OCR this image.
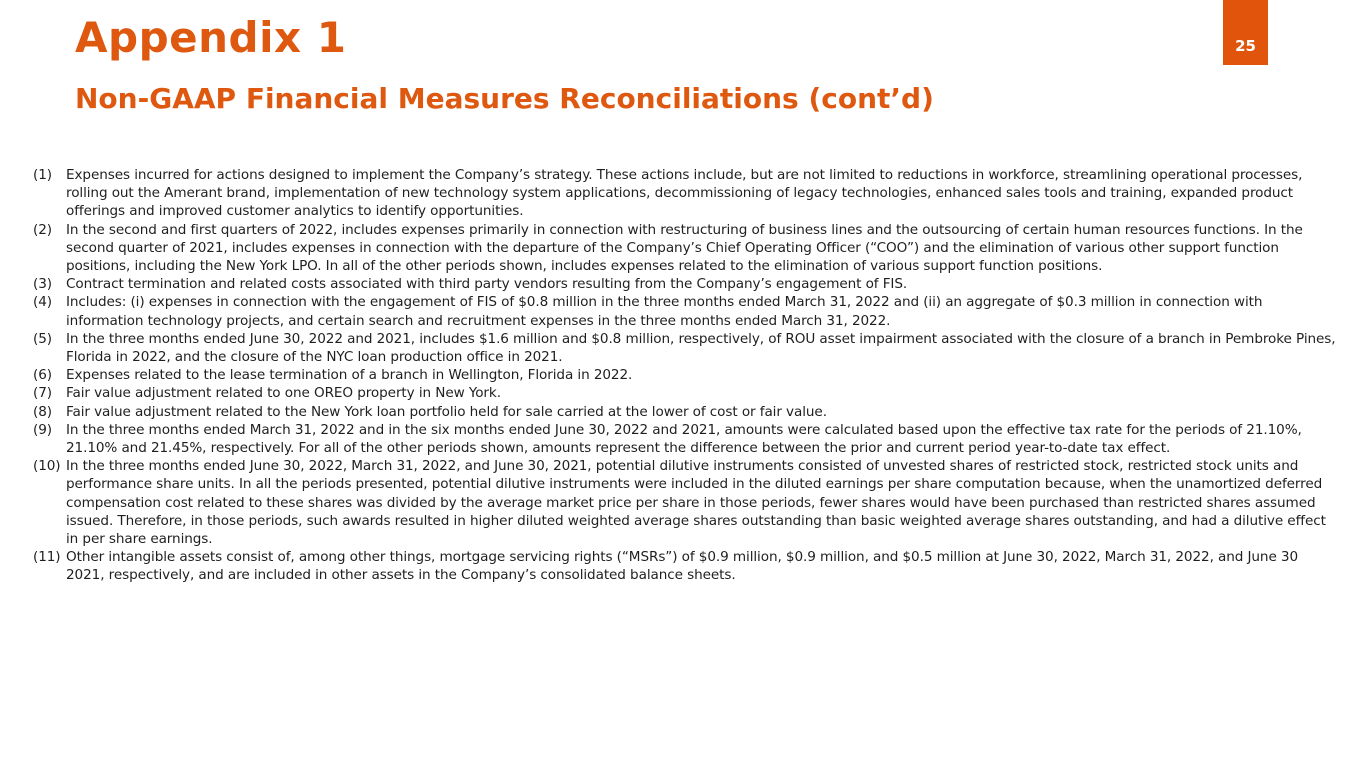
25
Appendix 1
Non-GAAP Financial Measures Reconciliations (cont’d)
(1)	Expenses incurred for actions designed to implement the Company’s strategy. These actions include, but are not limited to reductions in workforce, streamlining operational processes, rolling out the Amerant brand, implementation of new technology system applications, decommissioning of legacy technologies, enhanced sales tools and training, expanded product offerings and improved customer analytics to identify opportunities.
(2)	In the second and first quarters of 2022, includes expenses primarily in connection with restructuring of business lines and the outsourcing of certain human resources functions. In the second quarter of 2021, includes expenses in connection with the departure of the Company’s Chief Operating Officer (“COO”) and the elimination of various other support function positions, including the New York LPO. In all of the other periods shown, includes expenses related to the elimination of various support function positions.
(3)	Contract termination and related costs associated with third party vendors resulting from the Company’s engagement of FIS.
(4)	Includes: (i) expenses in connection with the engagement of FIS of $0.8 million in the three months ended March 31, 2022 and (ii) an aggregate of $0.3 million in connection with information technology projects, and certain search and recruitment expenses in the three months ended March 31, 2022.
(5)	In the three months ended June 30, 2022 and 2021, includes $1.6 million and $0.8 million, respectively, of ROU asset impairment associated with the closure of a branch in Pembroke Pines, Florida in 2022, and the closure of the NYC loan production office in 2021.
(6)	Expenses related to the lease termination of a branch in Wellington, Florida in 2022.
(7)	Fair value adjustment related to one OREO property in New York.
(8)	Fair value adjustment related to the New York loan portfolio held for sale carried at the lower of cost or fair value.
(9)	In the three months ended March 31, 2022 and in the six months ended June 30, 2022 and 2021, amounts were calculated based upon the effective tax rate for the periods of 21.10%, 21.10% and 21.45%, respectively. For all of the other periods shown, amounts represent the difference between the prior and current period year-to-date tax effect.
(10) In the three months ended June 30, 2022, March 31, 2022, and June 30, 2021, potential dilutive instruments consisted of unvested shares of restricted stock, restricted stock units and performance share units. In all the periods presented, potential dilutive instruments were included in the diluted earnings per share computation because, when the unamortized deferred compensation cost related to these shares was divided by the average market price per share in those periods, fewer shares would have been purchased than restricted shares assumed issued. Therefore, in those periods, such awards resulted in higher diluted weighted average shares outstanding than basic weighted average shares outstanding, and had a dilutive effect in per share earnings.
(11) Other intangible assets consist of, among other things, mortgage servicing rights (“MSRs”) of $0.9 million, $0.9 million, and $0.5 million at June 30, 2022, March 31, 2022, and June 30 2021, respectively, and are included in other assets in the Company’s consolidated balance sheets.
